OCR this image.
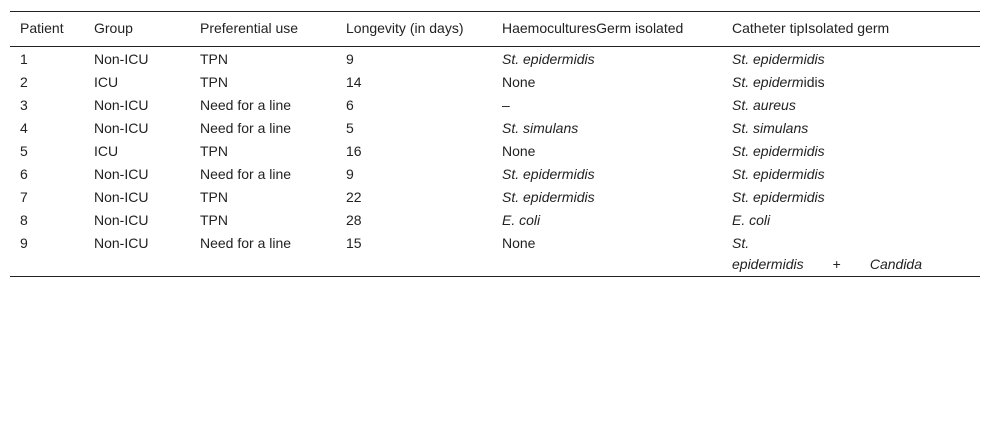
Patient	Group	Preferential use	Longevity (in days)	HaemoculturesGerm isolated	Catheter tipIsolated germ
1	Non-ICU	TPN	9	St. epidermidis	St. epidermidis
2	ICU	TPN	14	None	St. epidermidis
3	Non-ICU	Need for a line	6	–	St. aureus
4	Non-ICU	Need for a line	5	St. simulans	St. simulans
5	ICU	TPN	16	None	St. epidermidis
6	Non-ICU	Need for a line	9	St. epidermidis	St. epidermidis
7	Non-ICU	TPN	22	St. epidermidis	St. epidermidis
8	Non-ICU	TPN	28	E. coli	E. coli
9	Non-ICU	Need for a line	15	None	St.
epidermidis + Candida
